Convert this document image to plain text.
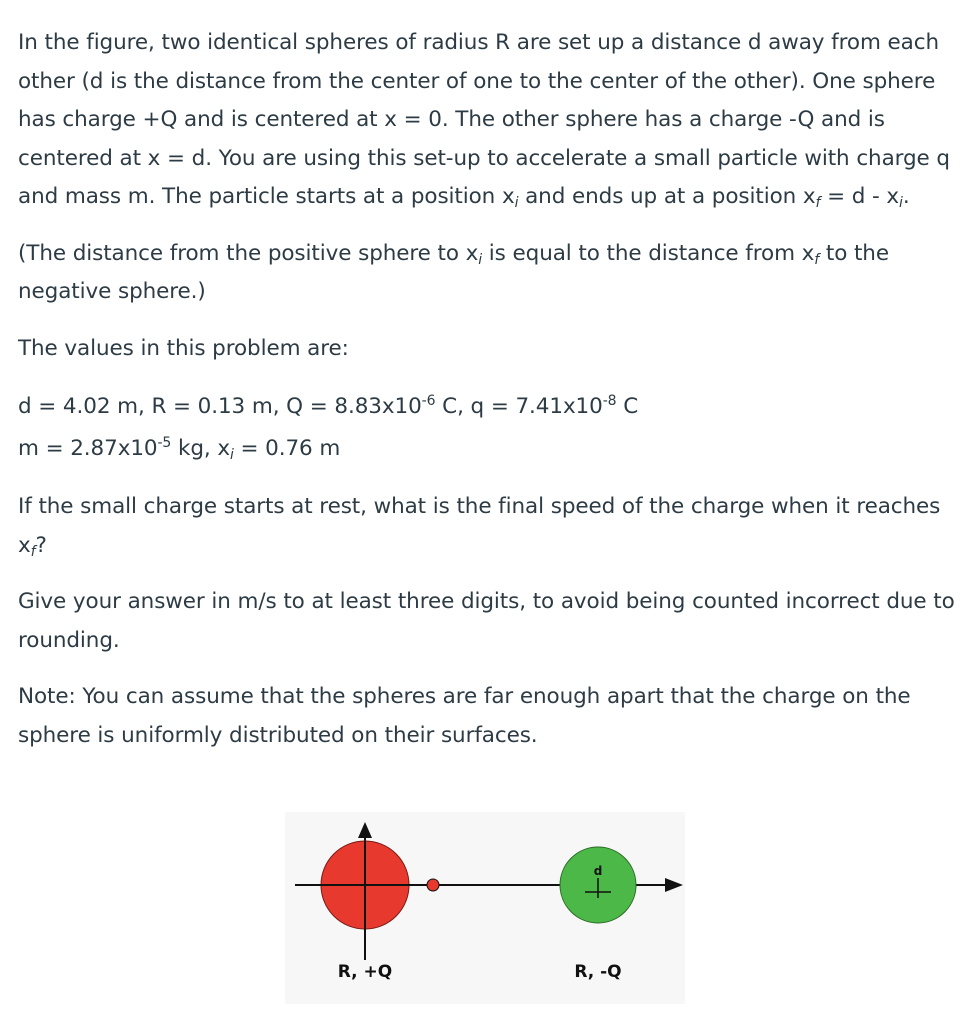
In the figure, two identical spheres of radius R are set up a distance d away from each other (d is the distance from the center of one to the center of the other). One sphere has charge +Q and is centered at x = 0. The other sphere has a charge -Q and is centered at x = d. You are using this set-up to accelerate a small particle with charge q and mass m. The particle starts at a position $x_i$ and ends up at a position $x_f = d - x_i$.

(The distance from the positive sphere to $x_i$ is equal to the distance from $x_f$ to the negative sphere.)

The values in this problem are:

d = 4.02 m, R = 0.13 m, $Q = 8.83x10^{-6}$ C, $q = 7.41x10^{-8}$ C
$m = 2.87x10^{-5}$ kg, $x_i = 0.76$ m

If the small charge starts at rest, what is the final speed of the charge when it reaches $x_f$?

Give your answer in m/s to at least three digits, to avoid being counted incorrect due to rounding.

Note: You can assume that the spheres are far enough apart that the charge on the sphere is uniformly distributed on their surfaces.

d
R, +Q	R, -Q
